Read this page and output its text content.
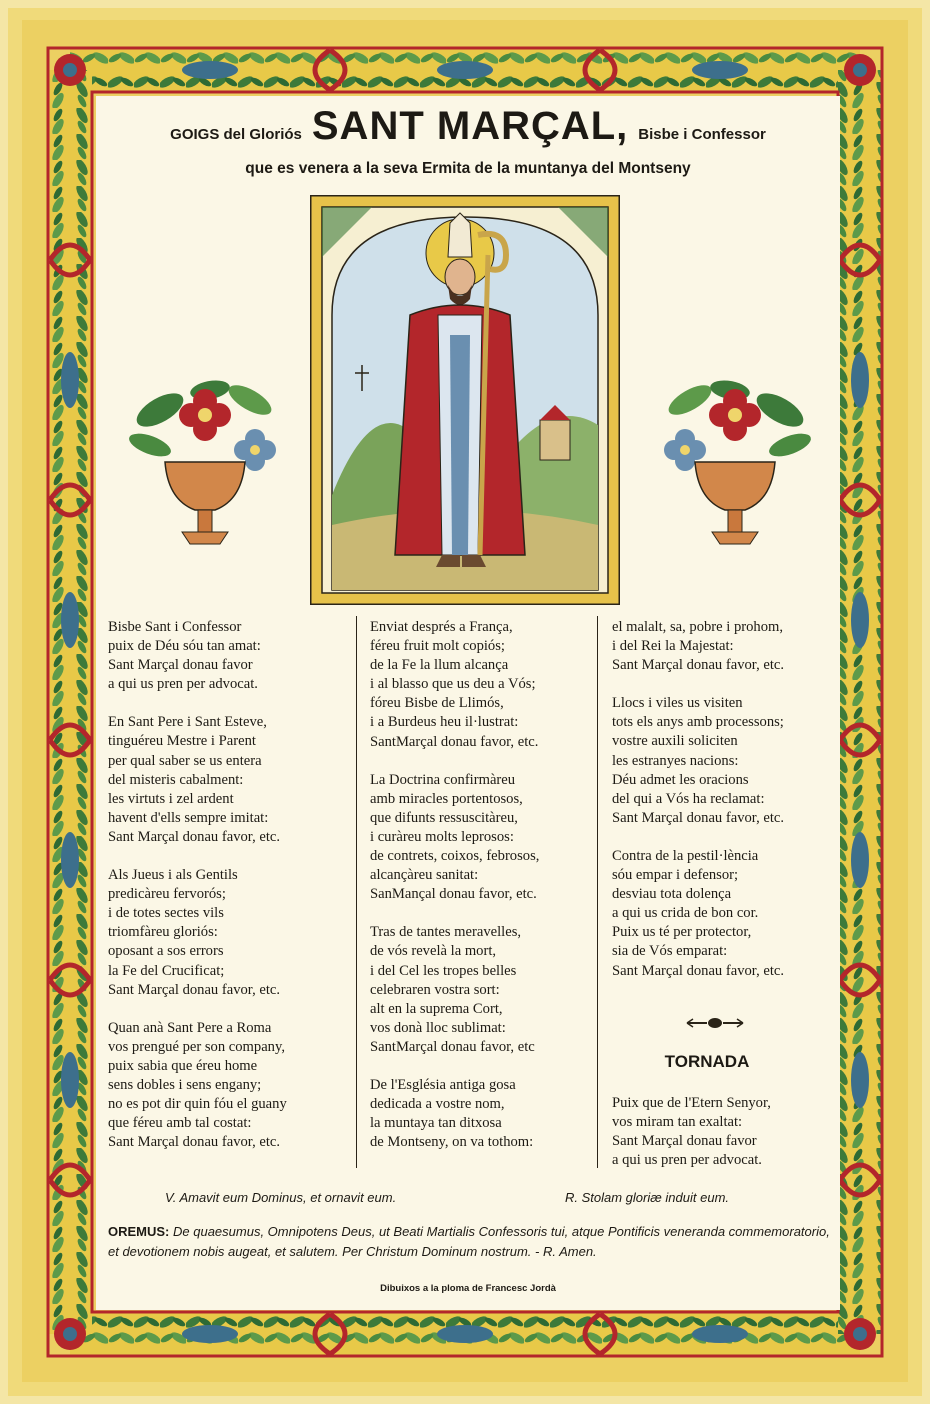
GOIGS del Gloriós SANT MARÇAL, Bisbe i Confessor
que es venera a la seva Ermita de la muntanya del Montseny

Bisbe Sant i Confessor

puix de Déu sóu tan amat:

Sant Marçal donau favor

a qui us pren per advocat.

En Sant Pere i Sant Esteve,

tinguéreu Mestre i Parent

per qual saber se us entera

del misteris cabalment:

les virtuts i zel ardent

havent d'ells sempre imitat:

Sant Marçal donau favor, etc.

Als Jueus i als Gentils

predicàreu fervorós;

i de totes sectes vils

triomfàreu gloriós:

oposant a sos errors

la Fe del Crucificat;

Sant Marçal donau favor, etc.

Quan anà Sant Pere a Roma

vos prengué per son company,

puix sabia que éreu home

sens dobles i sens engany;

no es pot dir quin fóu el guany

que féreu amb tal costat:

Sant Marçal donau favor, etc.

Enviat després a França,

féreu fruit molt copiós;

de la Fe la llum alcança

i al blasso que us deu a Vós;

fóreu Bisbe de Llimós,

i a Burdeus heu il·lustrat:

SantMarçal donau favor, etc.

La Doctrina confirmàreu

amb miracles portentosos,

que difunts ressuscitàreu,

i curàreu molts leprosos:

de contrets, coixos, febrosos,

alcançàreu sanitat:

SanMançal donau favor, etc.

Tras de tantes meravelles,

de vós revelà la mort,

i del Cel les tropes belles

celebraren vostra sort:

alt en la suprema Cort,

vos donà lloc sublimat:

SantMarçal donau favor, etc

De l'Església antiga gosa

dedicada a vostre nom,

la muntaya tan ditxosa

de Montseny, on va tothom:

el malalt, sa, pobre i prohom,

i del Rei la Majestat:

Sant Marçal donau favor, etc.

Llocs i viles us visiten

tots els anys amb processons;

vostre auxili soliciten

les estranyes nacions:

Déu admet les oracions

del qui a Vós ha reclamat:

Sant Marçal donau favor, etc.

Contra de la pestil·lència

sóu empar i defensor;

desviau tota dolença

a qui us crida de bon cor.

Puix us té per protector,

sia de Vós emparat:

Sant Marçal donau favor, etc.

TORNADA

Puix que de l'Etern Senyor,

vos miram tan exaltat:

Sant Marçal donau favor

a qui us pren per advocat.

V. Amavit eum Dominus, et ornavit eum.	R. Stolam gloriæ induit eum.
OREMUS: De quaesumus, Omnipotens Deus, ut Beati Martialis Confessoris tui, atque Pontificis veneranda commemoratorio, et devotionem nobis augeat, et salutem. Per Christum Dominum nostrum. - R. Amen.
Dibuixos a la ploma de Francesc Jordà
